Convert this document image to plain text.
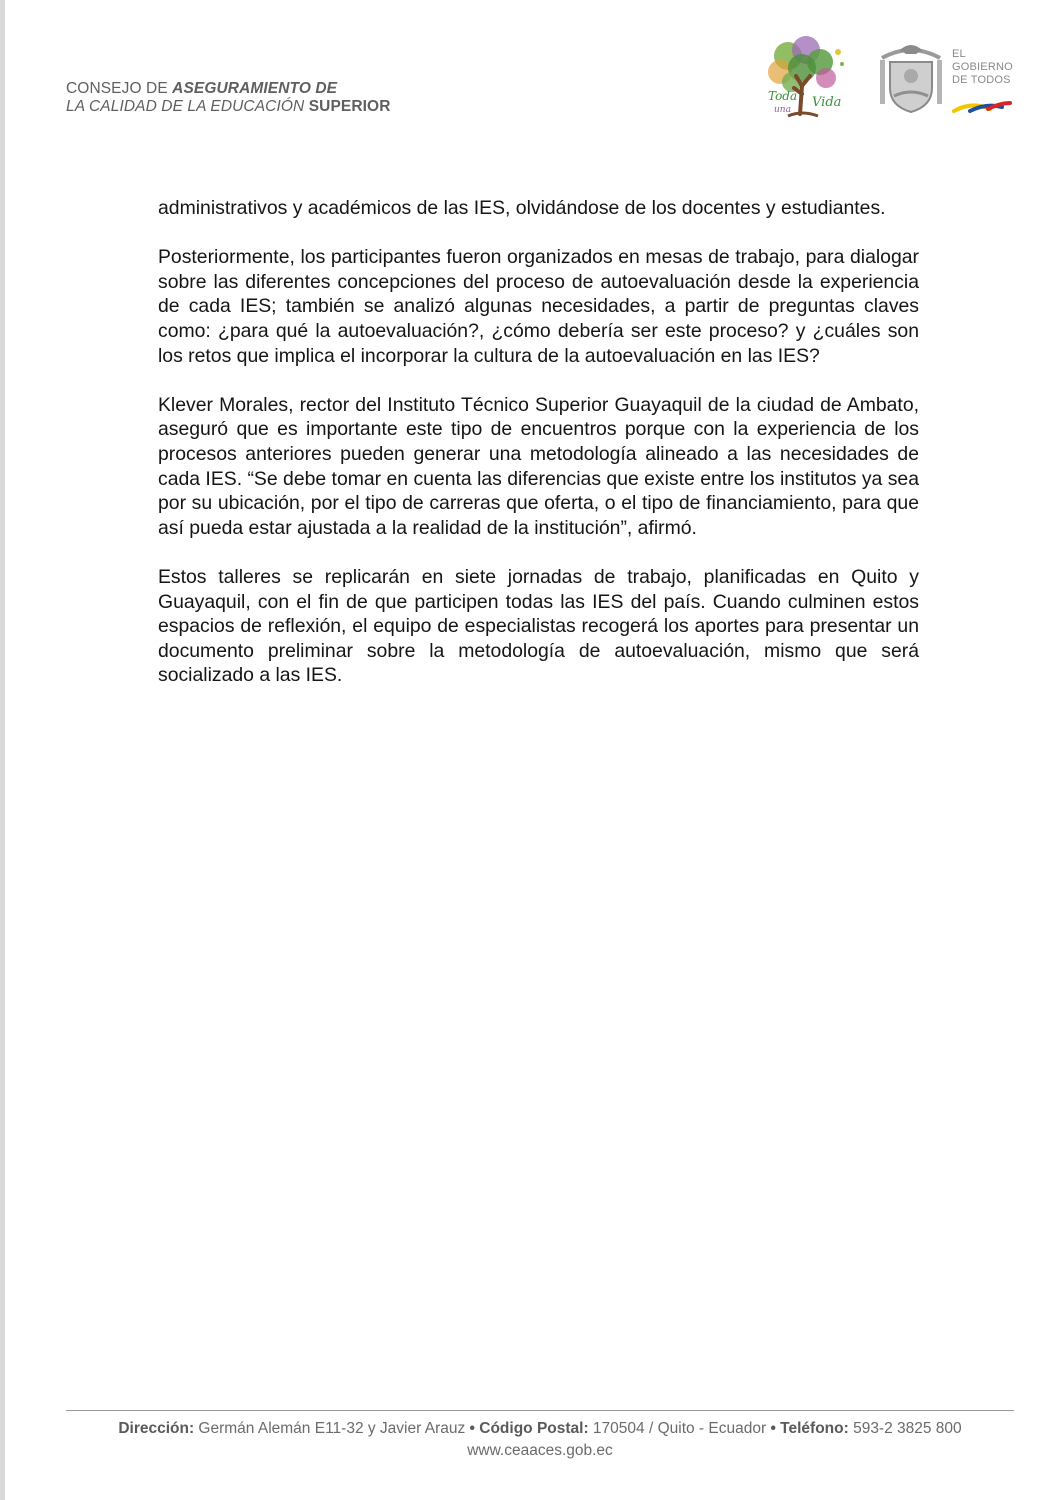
CONSEJO DE ASEGURAMIENTO DE
LA CALIDAD DE LA EDUCACIÓN SUPERIOR
Toda
una Vida
EL
GOBIERNO
DE TODOS

administrativos y académicos de las IES, olvidándose de los docentes y estudiantes.

Posteriormente, los participantes fueron organizados en mesas de trabajo, para dialogar sobre las diferentes concepciones del proceso de autoevaluación desde la experiencia de cada IES; también se analizó algunas necesidades, a partir de preguntas claves como: ¿para qué la autoevaluación?, ¿cómo debería ser este proceso? y ¿cuáles son los retos que implica el incorporar la cultura de la autoevaluación en las IES?

Klever Morales, rector del Instituto Técnico Superior Guayaquil de la ciudad de Ambato, aseguró que es importante este tipo de encuentros porque con la experiencia de los procesos anteriores pueden generar una metodología alineado a las necesidades de cada IES. “Se debe tomar en cuenta las diferencias que existe entre los institutos ya sea por su ubicación, por el tipo de carreras que oferta, o el tipo de financiamiento, para que así pueda estar ajustada a la realidad de la institución”, afirmó.

Estos talleres se replicarán en siete jornadas de trabajo, planificadas en Quito y Guayaquil, con el fin de que participen todas las IES del país. Cuando culminen estos espacios de reflexión, el equipo de especialistas recogerá los aportes para presentar un documento preliminar sobre la metodología de autoevaluación, mismo que será socializado a las IES.

Dirección: Germán Alemán E11-32 y Javier Arauz • Código Postal: 170504 / Quito - Ecuador • Teléfono: 593-2 3825 800
www.ceaaces.gob.ec
